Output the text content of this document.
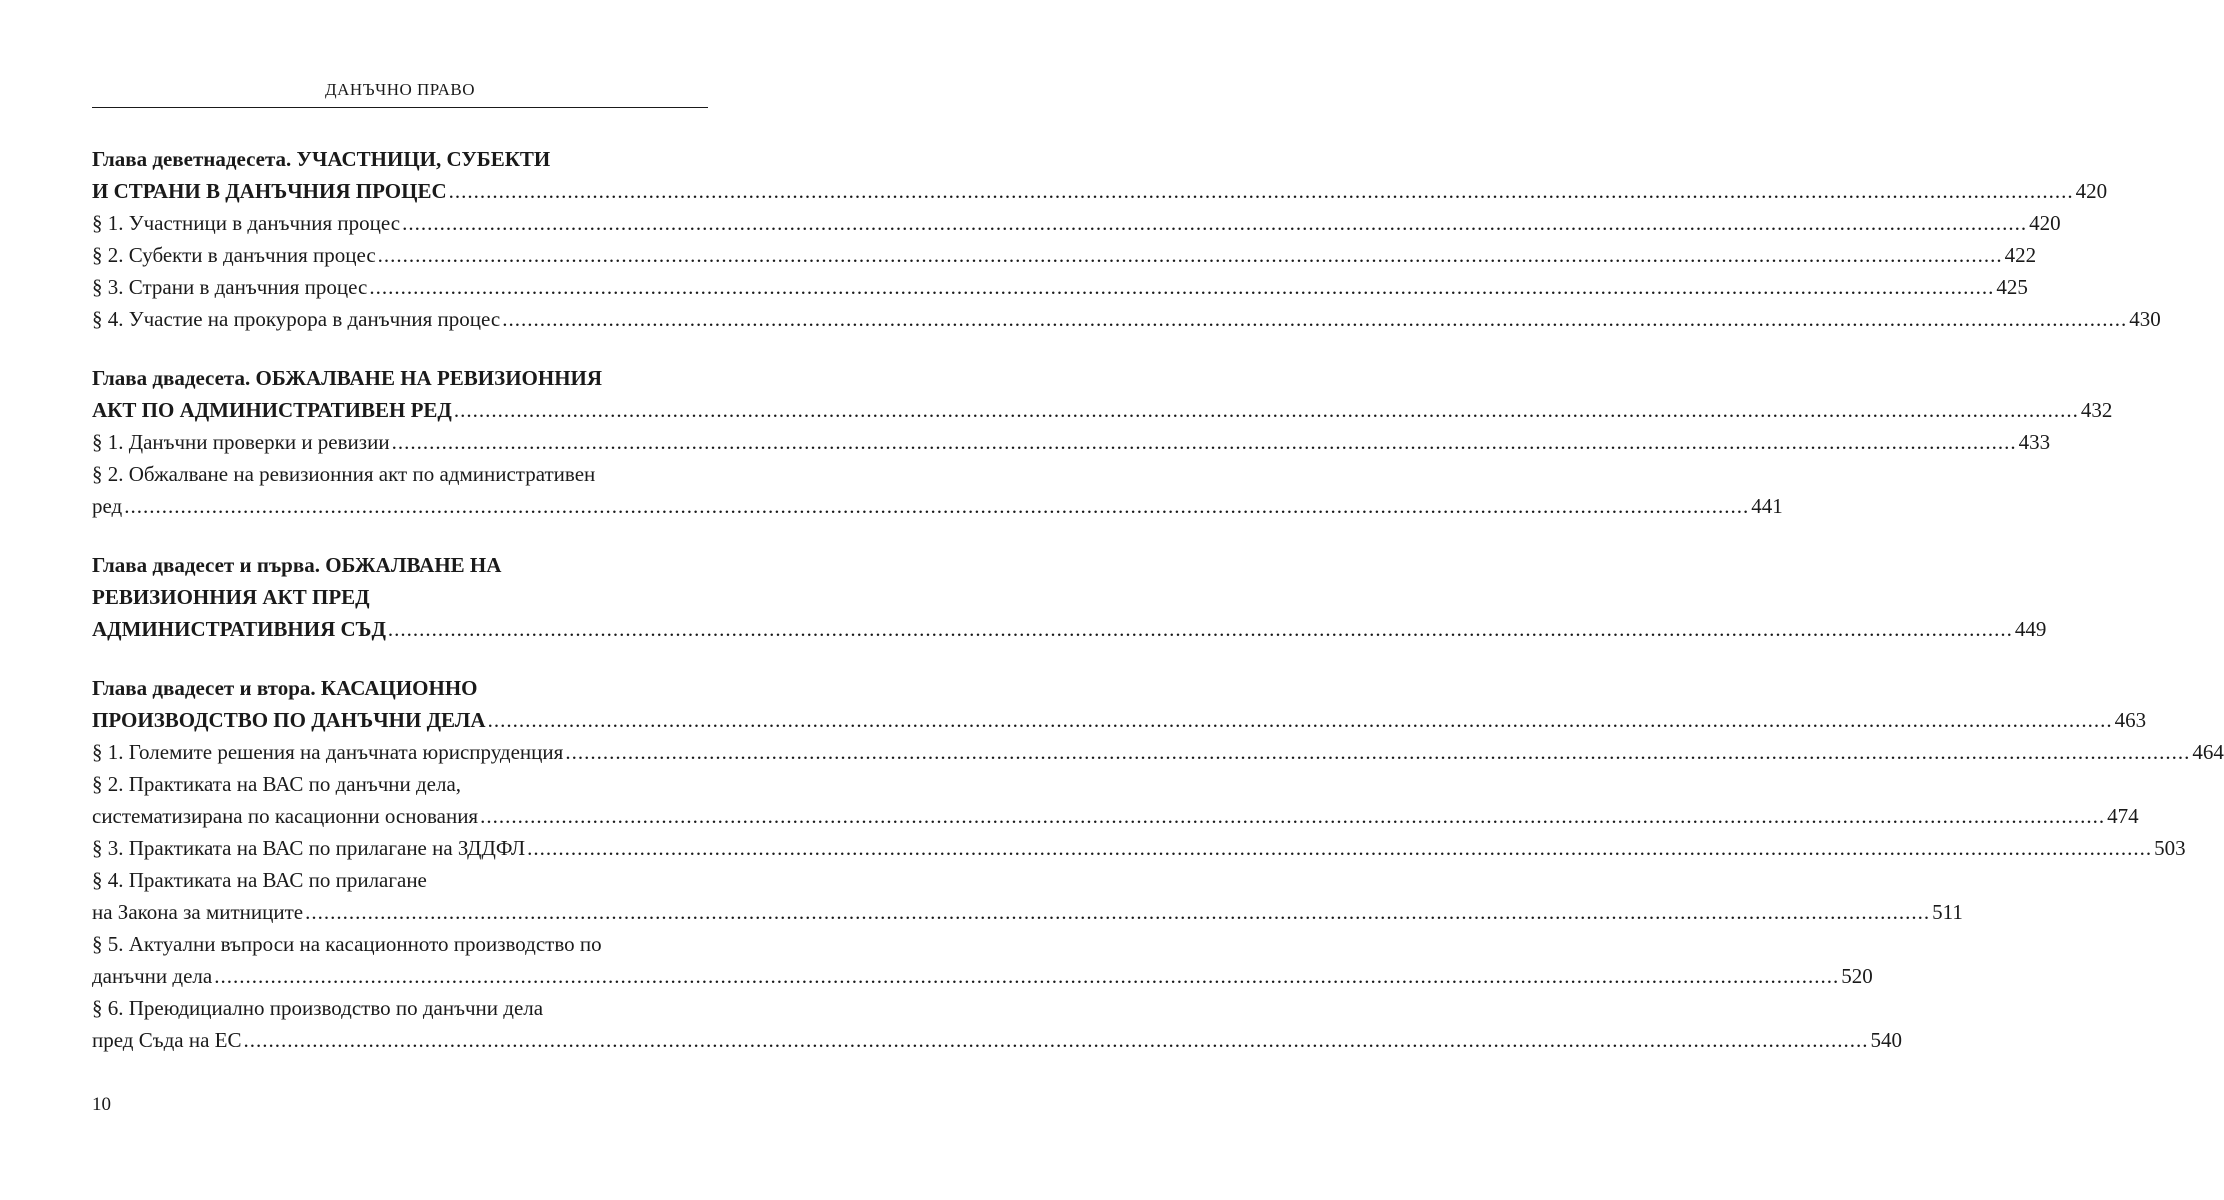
ДАНЪЧНО ПРАВО
Глава деветнадесета. УЧАСТНИЦИ, СУБЕКТИ
И СТРАНИ В ДАНЪЧНИЯ ПРОЦЕС .................................................................................................................................................................................................................................................................... 420
§ 1. Участници в данъчния процес .................................................................................................................................................................................................................................................................... 420
§ 2. Субекти в данъчния процес .................................................................................................................................................................................................................................................................... 422
§ 3. Страни в данъчния процес .................................................................................................................................................................................................................................................................... 425
§ 4. Участие на прокурора в данъчния процес .................................................................................................................................................................................................................................................................... 430
Глава двадесета. ОБЖАЛВАНЕ НА РЕВИЗИОННИЯ
АКТ ПО АДМИНИСТРАТИВЕН РЕД .................................................................................................................................................................................................................................................................... 432
§ 1. Данъчни проверки и ревизии .................................................................................................................................................................................................................................................................... 433
§ 2. Обжалване на ревизионния акт по административен
ред .................................................................................................................................................................................................................................................................... 441
Глава двадесет и първа. ОБЖАЛВАНЕ НА
РЕВИЗИОННИЯ АКТ ПРЕД
АДМИНИСТРАТИВНИЯ СЪД .................................................................................................................................................................................................................................................................... 449
Глава двадесет и втора. КАСАЦИОННО
ПРОИЗВОДСТВО ПО ДАНЪЧНИ ДЕЛА .................................................................................................................................................................................................................................................................... 463
§ 1. Големите решения на данъчната юриспруденция .................................................................................................................................................................................................................................................................... 464
§ 2. Практиката на ВАС по данъчни дела,
систематизирана по касационни основания .................................................................................................................................................................................................................................................................... 474
§ 3. Практиката на ВАС по прилагане на ЗДДФЛ .................................................................................................................................................................................................................................................................... 503
§ 4. Практиката на ВАС по прилагане
на Закона за митниците .................................................................................................................................................................................................................................................................... 511
§ 5. Актуални въпроси на касационното производство по
данъчни дела .................................................................................................................................................................................................................................................................... 520
§ 6. Преюдициално производство по данъчни дела
пред Съда на ЕС .................................................................................................................................................................................................................................................................... 540
10
